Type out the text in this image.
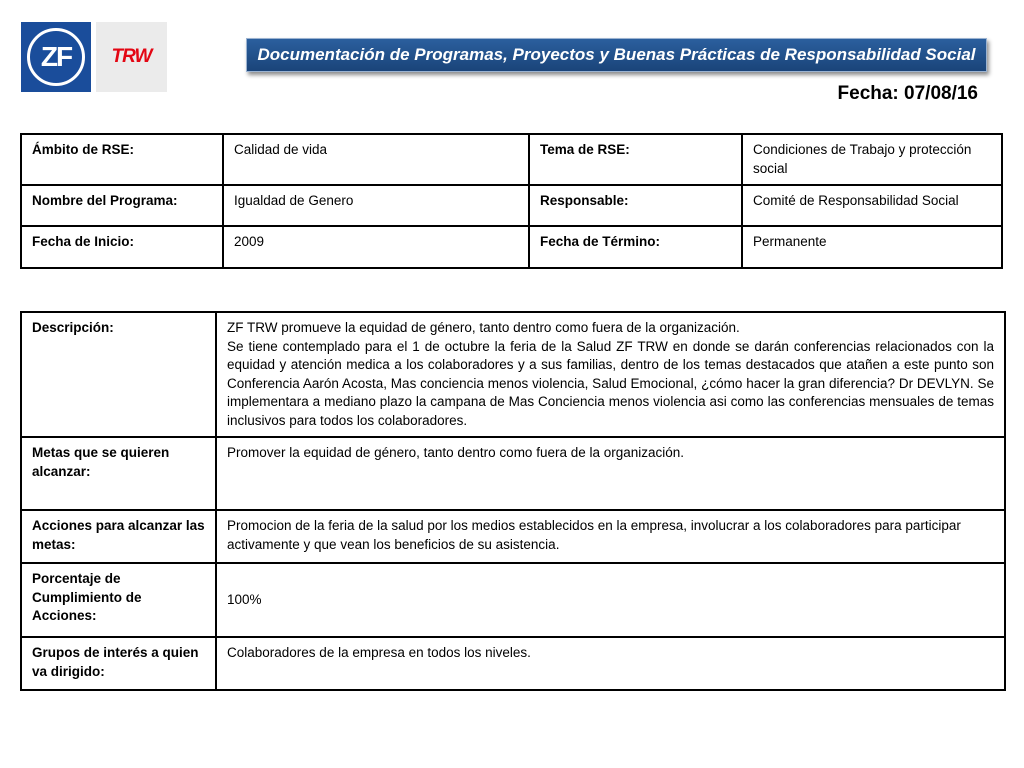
ZF TRW	Documentación de Programas, Proyectos y Buenas Prácticas de Responsabilidad Social
Fecha: 07/08/16
Ámbito de RSE:	Calidad de vida	Tema de RSE:	Condiciones de Trabajo y protección social
Nombre del Programa:	Igualdad de Genero	Responsable:	Comité de Responsabilidad Social
Fecha de Inicio:	2009	Fecha de Término:	Permanente
Descripción:	ZF TRW promueve la equidad de género, tanto dentro como fuera de la organización.
Se tiene contemplado para el 1 de octubre la feria de la Salud ZF TRW en donde se darán conferencias relacionados con la equidad y atención medica a los colaboradores y a sus familias, dentro de los temas destacados que atañen a este punto son Conferencia Aarón Acosta, Mas conciencia menos violencia, Salud Emocional, ¿cómo hacer la gran diferencia? Dr DEVLYN. Se implementara a mediano plazo la campana de Mas Conciencia menos violencia asi como las conferencias mensuales de temas inclusivos para todos los colaboradores.

Metas que se quieren alcanzar:	Promover la equidad de género, tanto dentro como fuera de la organización.
Acciones para alcanzar las metas:	Promocion de la feria de la salud por los medios establecidos en la empresa, involucrar a los colaboradores para participar activamente y que vean los beneficios de su asistencia.
Porcentaje de Cumplimiento de Acciones:	100%
Grupos de interés a quien va dirigido:	Colaboradores de la empresa en todos los niveles.
